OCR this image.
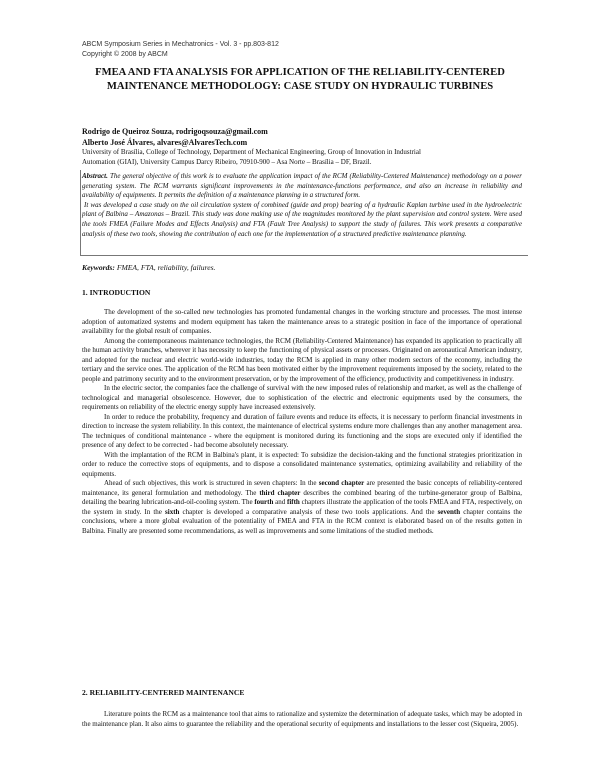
ABCM Symposium Series in Mechatronics - Vol. 3 - pp.803-812
Copyright © 2008 by ABCM
FMEA AND FTA ANALYSIS FOR APPLICATION OF THE RELIABILITY-CENTERED MAINTENANCE METHODOLOGY: CASE STUDY ON HYDRAULIC TURBINES
Rodrigo de Queiroz Souza, rodrigoqsouza@gmail.com
Alberto José Álvares, alvares@AlvaresTech.com
University of Brasília, College of Technology, Department of Mechanical Engineering, Group of Innovation in Industrial
Automation (GIAI), University Campus Darcy Ribeiro, 70910-900 – Asa Norte – Brasília – DF, Brazil.
Abstract. The general objective of this work is to evaluate the application impact of the RCM (Reliability-Centered Maintenance) methodology on a power generating system. The RCM warrants significant improvements in the maintenance-functions performance, and also an increase in reliability and availability of equipments. It permits the definition of a maintenance planning in a structured form.
It was developed a case study on the oil circulation system of combined (guide and prop) bearing of a hydraulic Kaplan turbine used in the hydroelectric plant of Balbina – Amazonas – Brazil. This study was done making use of the magnitudes monitored by the plant supervision and control system. Were used the tools FMEA (Failure Modes and Effects Analysis) and FTA (Fault Tree Analysis) to support the study of failures. This work presents a comparative analysis of these two tools, showing the contribution of each one for the implementation of a structured predictive maintenance planning.
Keywords: FMEA, FTA, reliability, failures.
1. INTRODUCTION

The development of the so-called new technologies has promoted fundamental changes in the working structure and processes. The most intense adoption of automatized systems and modern equipment has taken the maintenance areas to a strategic position in face of the importance of operational availability for the global result of companies.

Among the contemporaneous maintenance technologies, the RCM (Reliability-Centered Maintenance) has expanded its application to practically all the human activity branches, wherever it has necessity to keep the functioning of physical assets or processes. Originated on aeronautical American industry, and adopted for the nuclear and electric world-wide industries, today the RCM is applied in many other modern sectors of the economy, including the tertiary and the service ones. The application of the RCM has been motivated either by the improvement requirements imposed by the society, related to the people and patrimony security and to the environment preservation, or by the improvement of the efficiency, productivity and competitiveness in industry.

In the electric sector, the companies face the challenge of survival with the new imposed rules of relationship and market, as well as the challenge of technological and managerial obsolescence. However, due to sophistication of the electric and electronic equipments used by the consumers, the requirements on reliability of the electric energy supply have increased extensively.

In order to reduce the probability, frequency and duration of failure events and reduce its effects, it is necessary to perform financial investments in direction to increase the system reliability. In this context, the maintenance of electrical systems endure more challenges than any another management area. The techniques of conditional maintenance - where the equipment is monitored during its functioning and the stops are executed only if identified the presence of any defect to be corrected - had become absolutely necessary.

With the implantation of the RCM in Balbina's plant, it is expected: To subsidize the decision-taking and the functional strategies prioritization in order to reduce the corrective stops of equipments, and to dispose a consolidated maintenance systematics, optimizing availability and reliability of the equipments.

Ahead of such objectives, this work is structured in seven chapters: In the second chapter are presented the basic concepts of reliability-centered maintenance, its general formulation and methodology. The third chapter describes the combined bearing of the turbine-generator group of Balbina, detailing the bearing lubrication-and-oil-cooling system. The fourth and fifth chapters illustrate the application of the tools FMEA and FTA, respectively, on the system in study. In the sixth chapter is developed a comparative analysis of these two tools applications. And the seventh chapter contains the conclusions, where a more global evaluation of the potentiality of FMEA and FTA in the RCM context is elaborated based on of the results gotten in Balbina. Finally are presented some recommendations, as well as improvements and some limitations of the studied methods.

2. RELIABILITY-CENTERED MAINTENANCE

Literature points the RCM as a maintenance tool that aims to rationalize and systemize the determination of adequate tasks, which may be adopted in the maintenance plan. It also aims to guarantee the reliability and the operational security of equipments and installations to the lesser cost (Siqueira, 2005).
